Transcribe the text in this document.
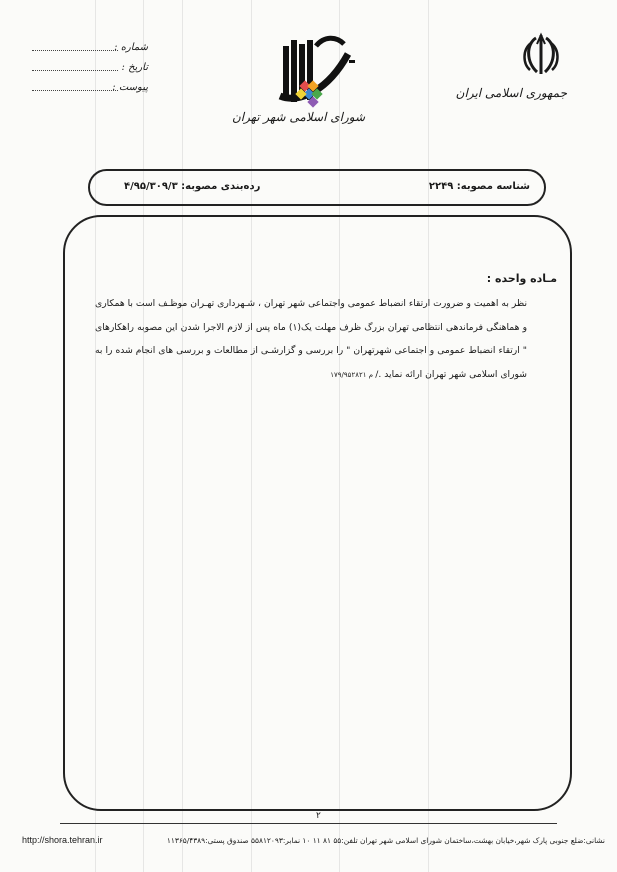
جمهوری اسلامی ایران
شورای اسلامی شهر تهران
شماره :
تاریخ :
پیوست :
شناسه مصوبه: ۲۲۴۹
رده‌بندی مصوبه: ۴/۹۵/۳۰۹/۳
مـاده واحده :
نظر به اهمیت و ضرورت ارتقاء انضباط عمومی واجتماعی شهر تهران ، شـهرداری تهـران موظـف است با همکاری و هماهنگی فرماندهی انتظامی تهران بزرگ ظرف مهلت یک(۱) ماه پس از لازم الاجرا شدن این مصوبه راهکارهای " ارتقاء انضباط عمومی و اجتماعی شهرتهران " را بررسی و گزارشـی از مطالعات و بررسی های انجام شده را به شورای اسلامی شهر تهران ارائه نماید ./ م ۱۷۹/۹۵۲۸۲۱
۲
نشانی:ضلع جنوبی پارک شهر،خیابان بهشت،ساختمان شورای اسلامی شهر تهران تلفن:۵۵ ۸۱ ۱۱ ۱۰ نمابر:۵۵۸۱۲۰۹۳ صندوق پستی:۱۱۳۶۵/۴۳۸۹
http://shora.tehran.ir
